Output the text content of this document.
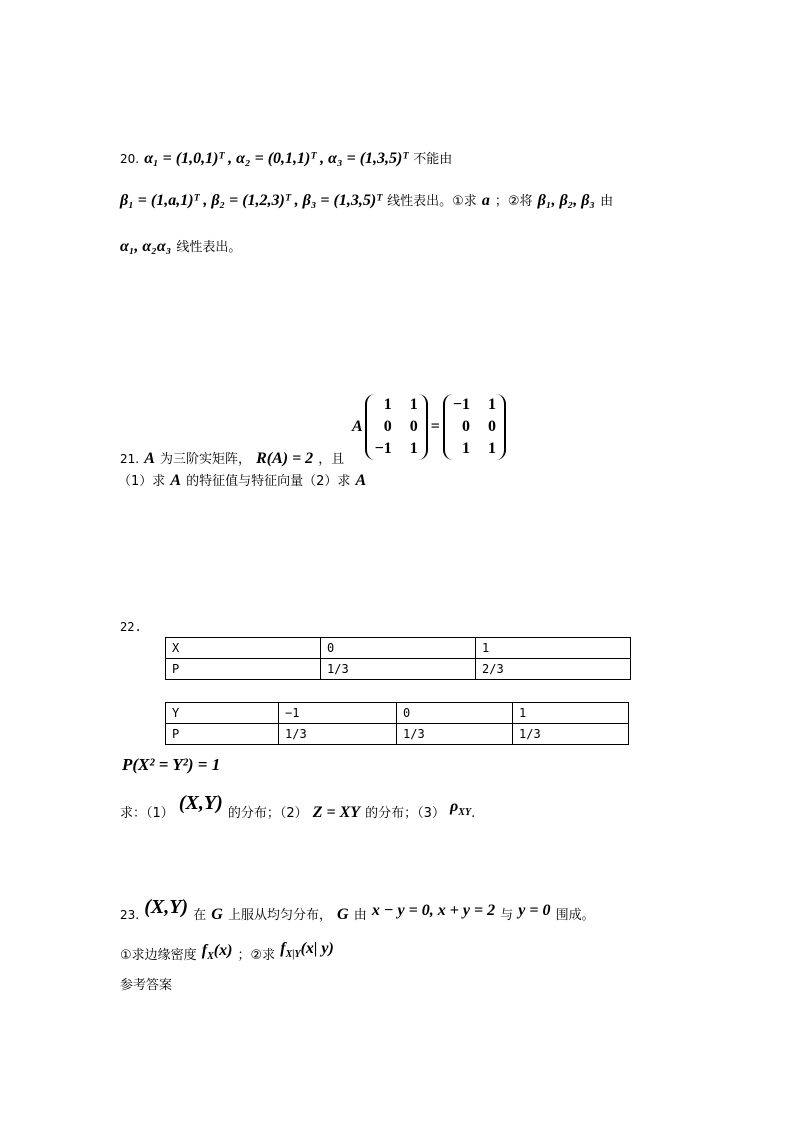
20. α₁ = (1,0,1)ᵀ , α₂ = (0,1,1)ᵀ , α₃ = (1,3,5)ᵀ 不能由
β₁ = (1,a,1)ᵀ , β₂ = (1,2,3)ᵀ , β₃ = (1,3,5)ᵀ 线性表出。①求 a ；②将 β₁, β₂, β₃ 由
α₁, α₂α₃ 线性表出。
A
1 1
0 0
−1 1
=
−1 1
0 0
1 1
21. A 为三阶实矩阵， R(A) = 2 ，且
（1）求 A 的特征值与特征向量（2）求 A
22.
X	0	1
P	1/3	2/3
Y	−1	0	1
P	1/3	1/3	1/3
P(X² = Y²) = 1
求：（1） (X,Y) 的分布；（2） Z = XY 的分布；（3） $\rho_{XY}$.
23. (X,Y) 在 G 上服从均匀分布， G 由 x − y = 0, x + y = 2 与 y = 0 围成。
①求边缘密度 $f_X(x)$ ；②求 $f_{X|Y}(x|$ y)
参考答案
